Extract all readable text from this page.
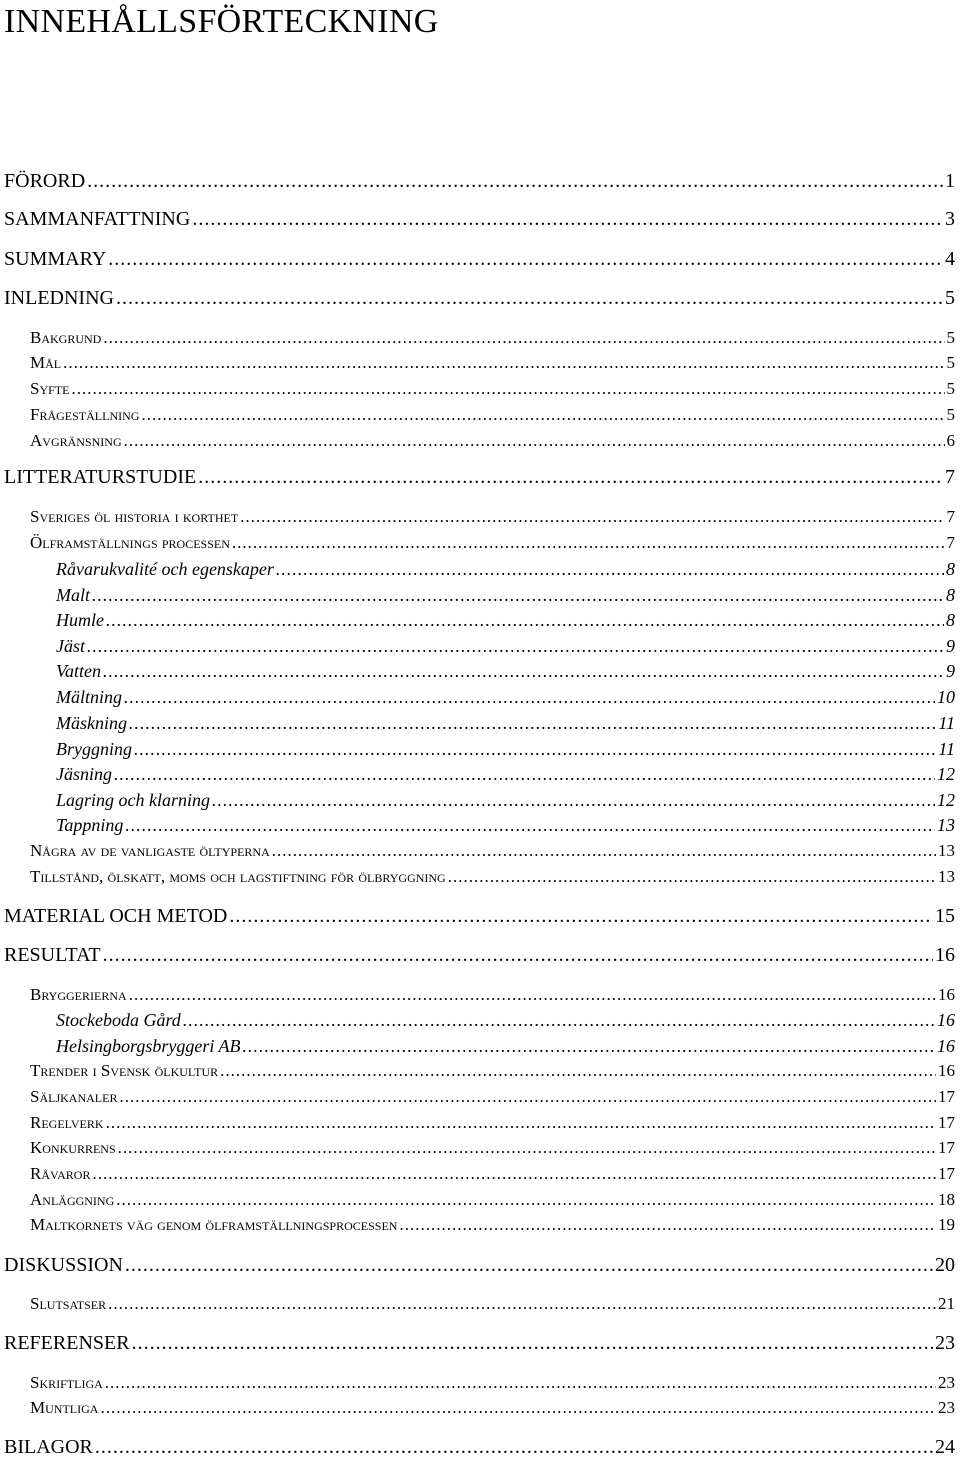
INNEHÅLLSFÖRTECKNING
FÖRORD .....	1
SAMMANFATTNING .....	3
SUMMARY .....	4
INLEDNING .....	5
Bakgrund .....	5
Mål .....	5
Syfte .....	5
Frågeställning .....	5
Avgränsning .....	6
LITTERATURSTUDIE .....	7
Sveriges öl historia i korthet .....	7
Ölframställnings processen .....	7
Råvarukvalité och egenskaper .....	8
Malt .....	8
Humle .....	8
Jäst .....	9
Vatten .....	9
Mältning .....	10
Mäskning .....	11
Bryggning .....	11
Jäsning .....	12
Lagring och klarning .....	12
Tappning .....	13
Några av de vanligaste öltyperna .....	13
Tillstånd, ölskatt, moms och lagstiftning för ölbryggning .....	13
MATERIAL OCH METOD .....	15
RESULTAT .....	16
Bryggerierna .....	16
Stockeboda Gård .....	16
Helsingborgsbryggeri AB .....	16
Trender i Svensk ölkultur .....	16
Säljkanaler .....	17
Regelverk .....	17
Konkurrens .....	17
Råvaror .....	17
Anläggning .....	18
Maltkornets väg genom ölframställningsprocessen .....	19
DISKUSSION .....	20
Slutsatser .....	21
REFERENSER .....	23
Skriftliga .....	23
Muntliga .....	23
BILAGOR .....	24
